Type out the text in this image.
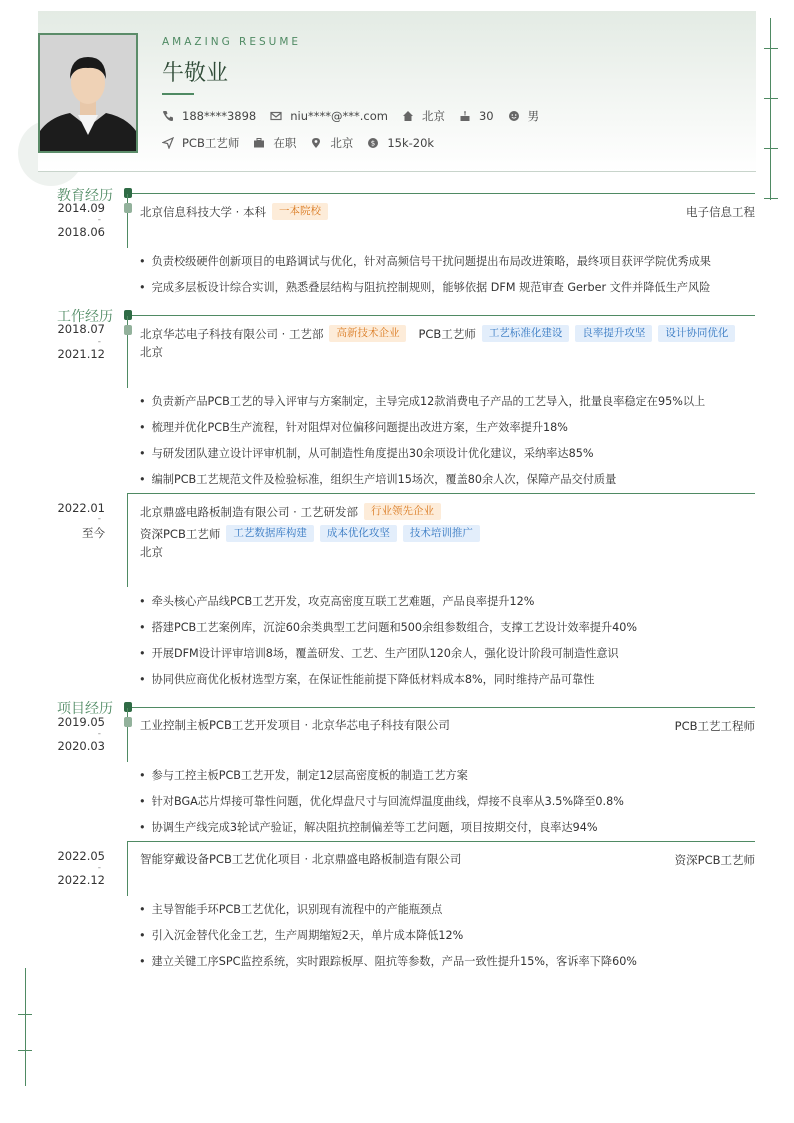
AMAZING RESUME
牛敬业
188****3898	niu****@***.com	北京	30	男
PCB工艺师	在职	北京	$ 15k-20k
教育经历
2014.09
-
2018.06
北京信息科技大学 · 本科	一本院校	电子信息工程
• 负责校级硬件创新项目的电路调试与优化，针对高频信号干扰问题提出布局改进策略，最终项目获评学院优秀成果
• 完成多层板设计综合实训，熟悉叠层结构与阻抗控制规则，能够依据 DFM 规范审查 Gerber 文件并降低生产风险
工作经历
2018.07
-
2021.12
北京华芯电子科技有限公司 · 工艺部	高新技术企业	PCB工艺师	工艺标准化建设	良率提升攻坚	设计协同优化
北京
• 负责新产品PCB工艺的导入评审与方案制定，主导完成12款消费电子产品的工艺导入，批量良率稳定在95%以上
• 梳理并优化PCB生产流程，针对阻焊对位偏移问题提出改进方案，生产效率提升18%
• 与研发团队建立设计评审机制，从可制造性角度提出30余项设计优化建议，采纳率达85%
• 编制PCB工艺规范文件及检验标准，组织生产培训15场次，覆盖80余人次，保障产品交付质量
2022.01
-
至今
北京鼎盛电路板制造有限公司 · 工艺研发部	行业领先企业
资深PCB工艺师	工艺数据库构建	成本优化攻坚	技术培训推广
北京
• 牵头核心产品线PCB工艺开发，攻克高密度互联工艺难题，产品良率提升12%
• 搭建PCB工艺案例库，沉淀60余类典型工艺问题和500余组参数组合，支撑工艺设计效率提升40%
• 开展DFM设计评审培训8场，覆盖研发、工艺、生产团队120余人，强化设计阶段可制造性意识
• 协同供应商优化板材选型方案，在保证性能前提下降低材料成本8%，同时维持产品可靠性
项目经历
2019.05
-
2020.03
工业控制主板PCB工艺开发项目 · 北京华芯电子科技有限公司	PCB工艺工程师
• 参与工控主板PCB工艺开发，制定12层高密度板的制造工艺方案
• 针对BGA芯片焊接可靠性问题，优化焊盘尺寸与回流焊温度曲线，焊接不良率从3.5%降至0.8%
• 协调生产线完成3轮试产验证，解决阻抗控制偏差等工艺问题，项目按期交付，良率达94%
2022.05
-
2022.12
智能穿戴设备PCB工艺优化项目 · 北京鼎盛电路板制造有限公司	资深PCB工艺师
• 主导智能手环PCB工艺优化，识别现有流程中的产能瓶颈点
• 引入沉金替代化金工艺，生产周期缩短2天，单片成本降低12%
• 建立关键工序SPC监控系统，实时跟踪板厚、阻抗等参数，产品一致性提升15%，客诉率下降60%
